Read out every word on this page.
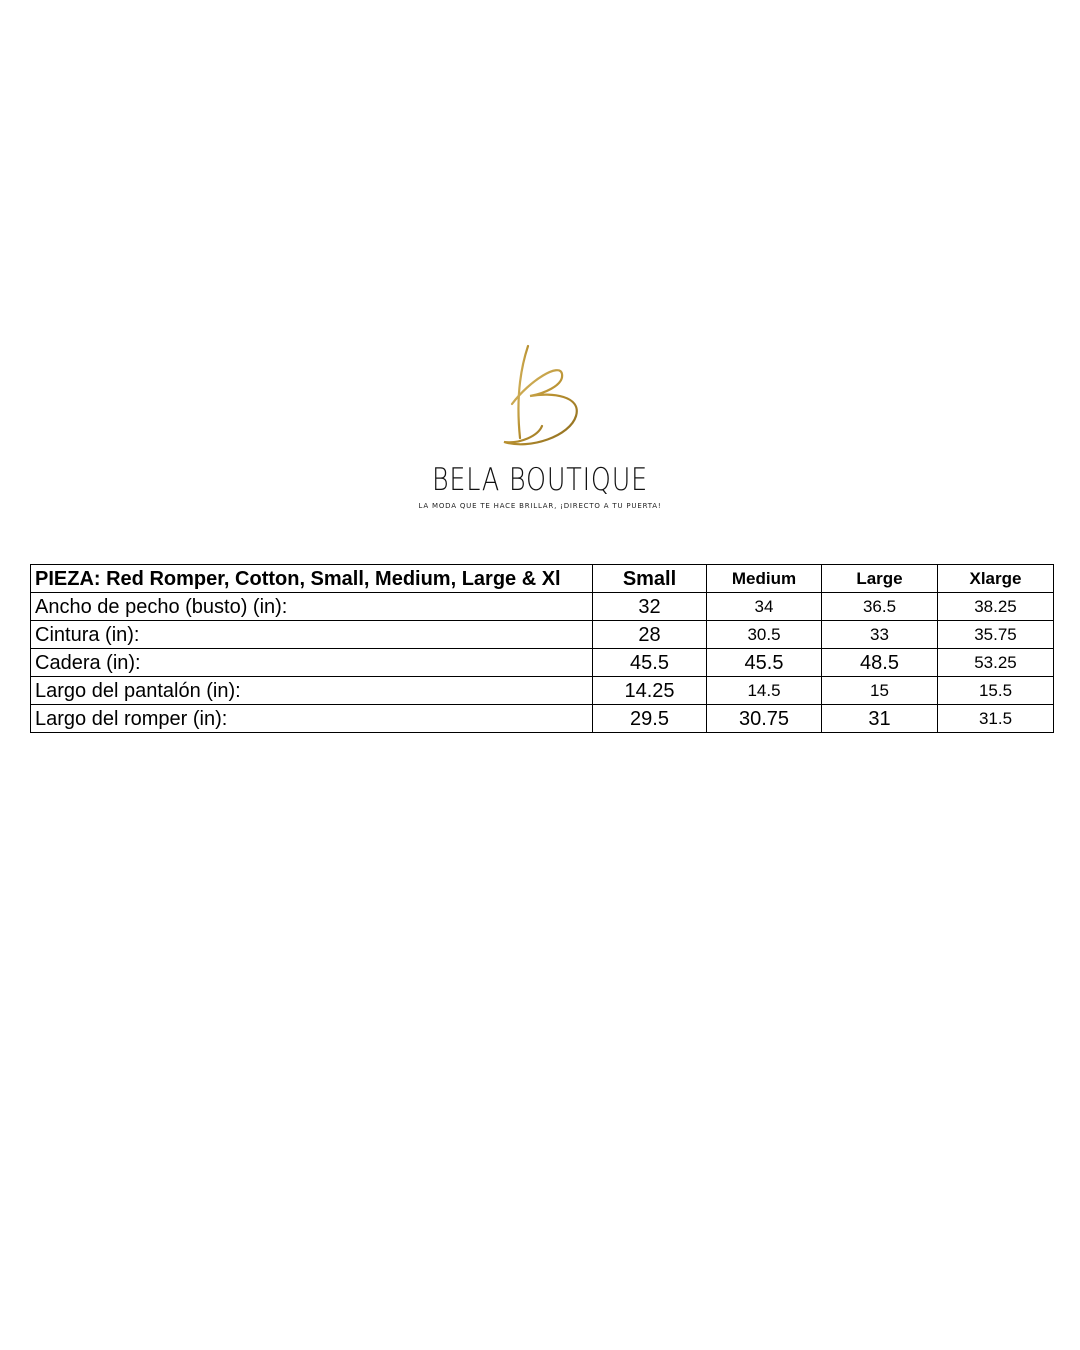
BELA BOUTIQUE
LA MODA QUE TE HACE BRILLAR, ¡DIRECTO A TU PUERTA!
PIEZA: Red Romper, Cotton, Small, Medium, Large & Xl	Small	Medium	Large	Xlarge
Ancho de pecho (busto) (in):	32	34	36.5	38.25
Cintura (in):	28	30.5	33	35.75
Cadera (in):	45.5	45.5	48.5	53.25
Largo del pantalón (in):	14.25	14.5	15	15.5
Largo del romper (in):	29.5	30.75	31	31.5
